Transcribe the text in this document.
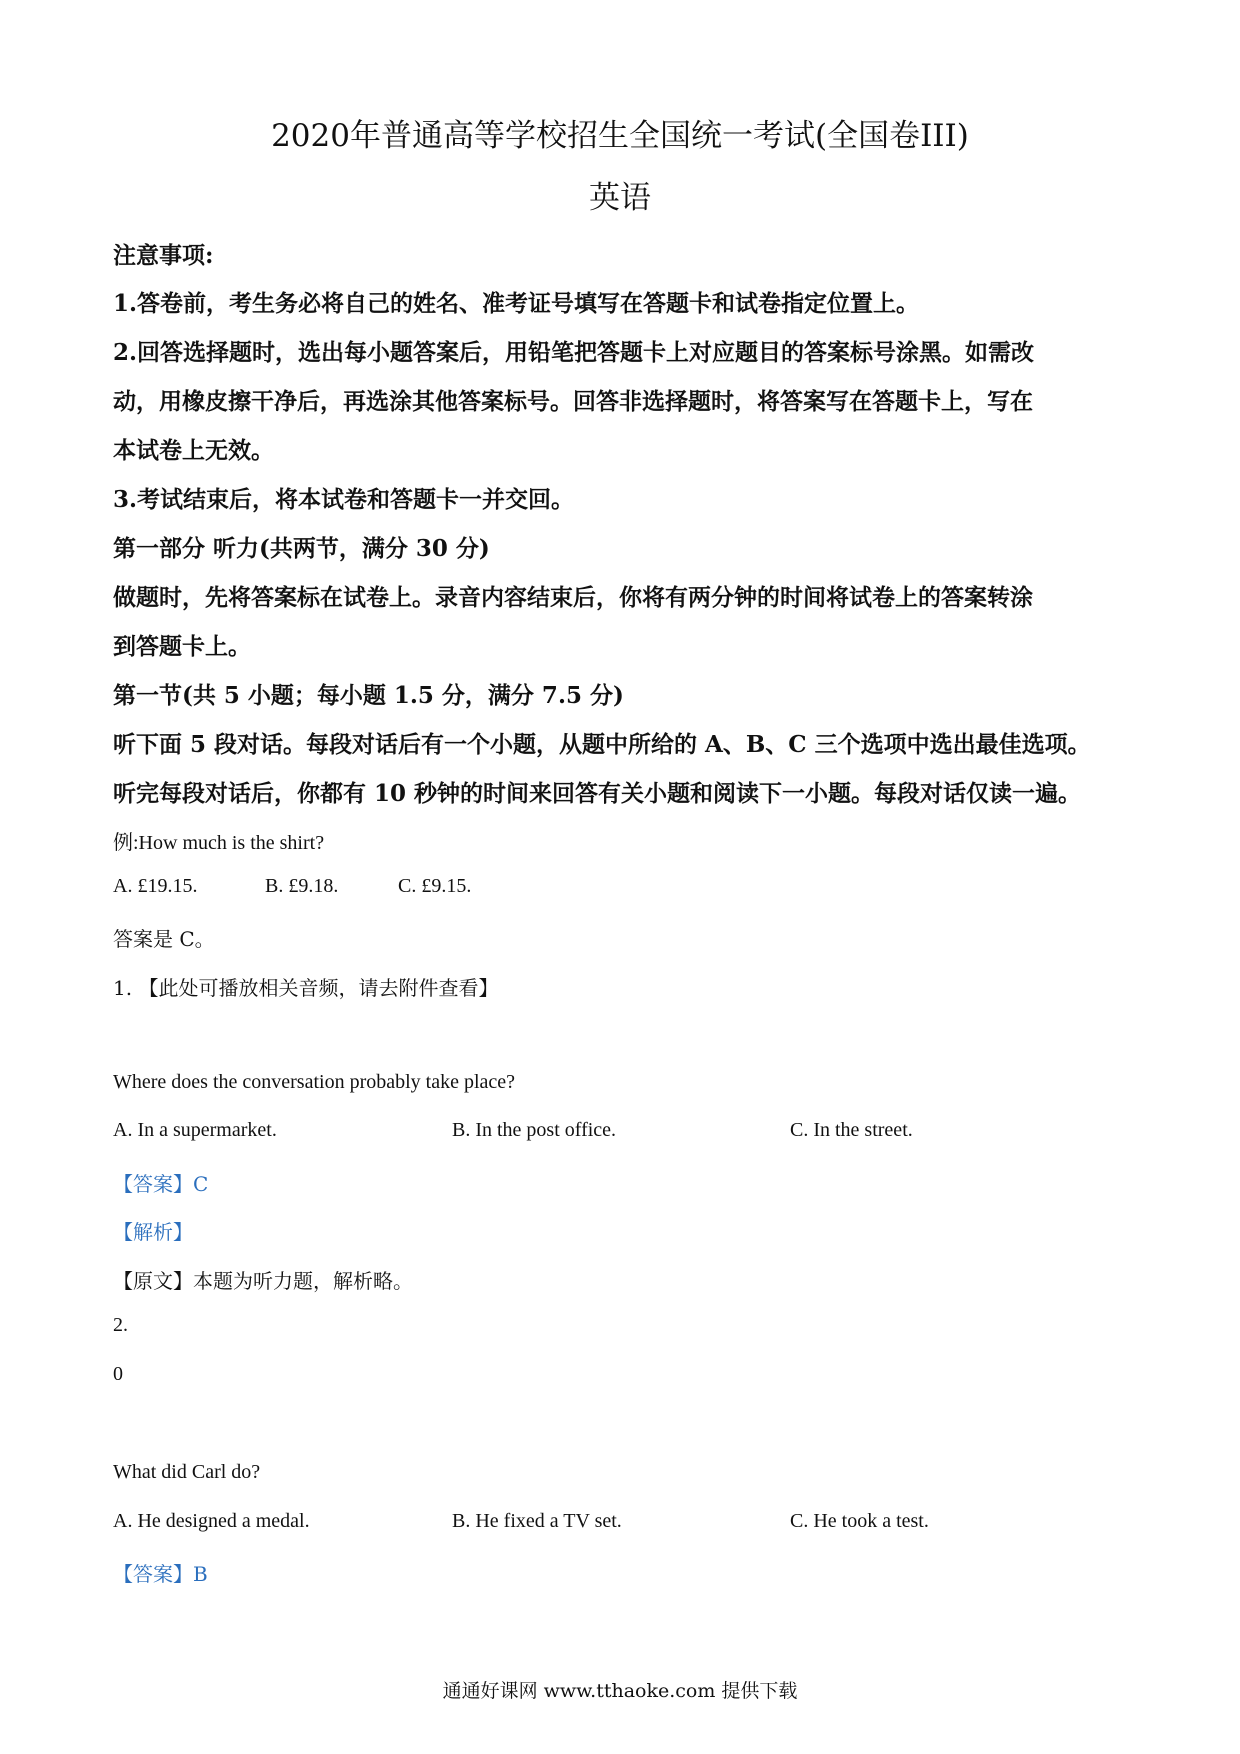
2020年普通高等学校招生全国统一考试(全国卷III)
英语
注意事项:
1.答卷前，考生务必将自己的姓名、准考证号填写在答题卡和试卷指定位置上。
2.回答选择题时，选出每小题答案后，用铅笔把答题卡上对应题目的答案标号涂黑。如需改
动，用橡皮擦干净后，再选涂其他答案标号。回答非选择题时，将答案写在答题卡上，写在
本试卷上无效。
3.考试结束后，将本试卷和答题卡一并交回。
第一部分 听力(共两节，满分 30 分)
做题时，先将答案标在试卷上。录音内容结束后，你将有两分钟的时间将试卷上的答案转涂
到答题卡上。
第一节(共 5 小题；每小题 1.5 分，满分 7.5 分)
听下面 5 段对话。每段对话后有一个小题，从题中所给的 A、B、C 三个选项中选出最佳选项。
听完每段对话后，你都有 10 秒钟的时间来回答有关小题和阅读下一小题。每段对话仅读一遍。
例:How much is the shirt?
A. £19.15.	B. £9.18.	C. £9.15.
答案是 C。
1. 【此处可播放相关音频，请去附件查看】
Where does the conversation probably take place?
A. In a supermarket.	B. In the post office.	C. In the street.
【答案】C
【解析】
【原文】本题为听力题，解析略。
2.
0
What did Carl do?
A. He designed a medal.	B. He fixed a TV set.	C. He took a test.
【答案】B
通通好课网 www.tthaoke.com 提供下载
